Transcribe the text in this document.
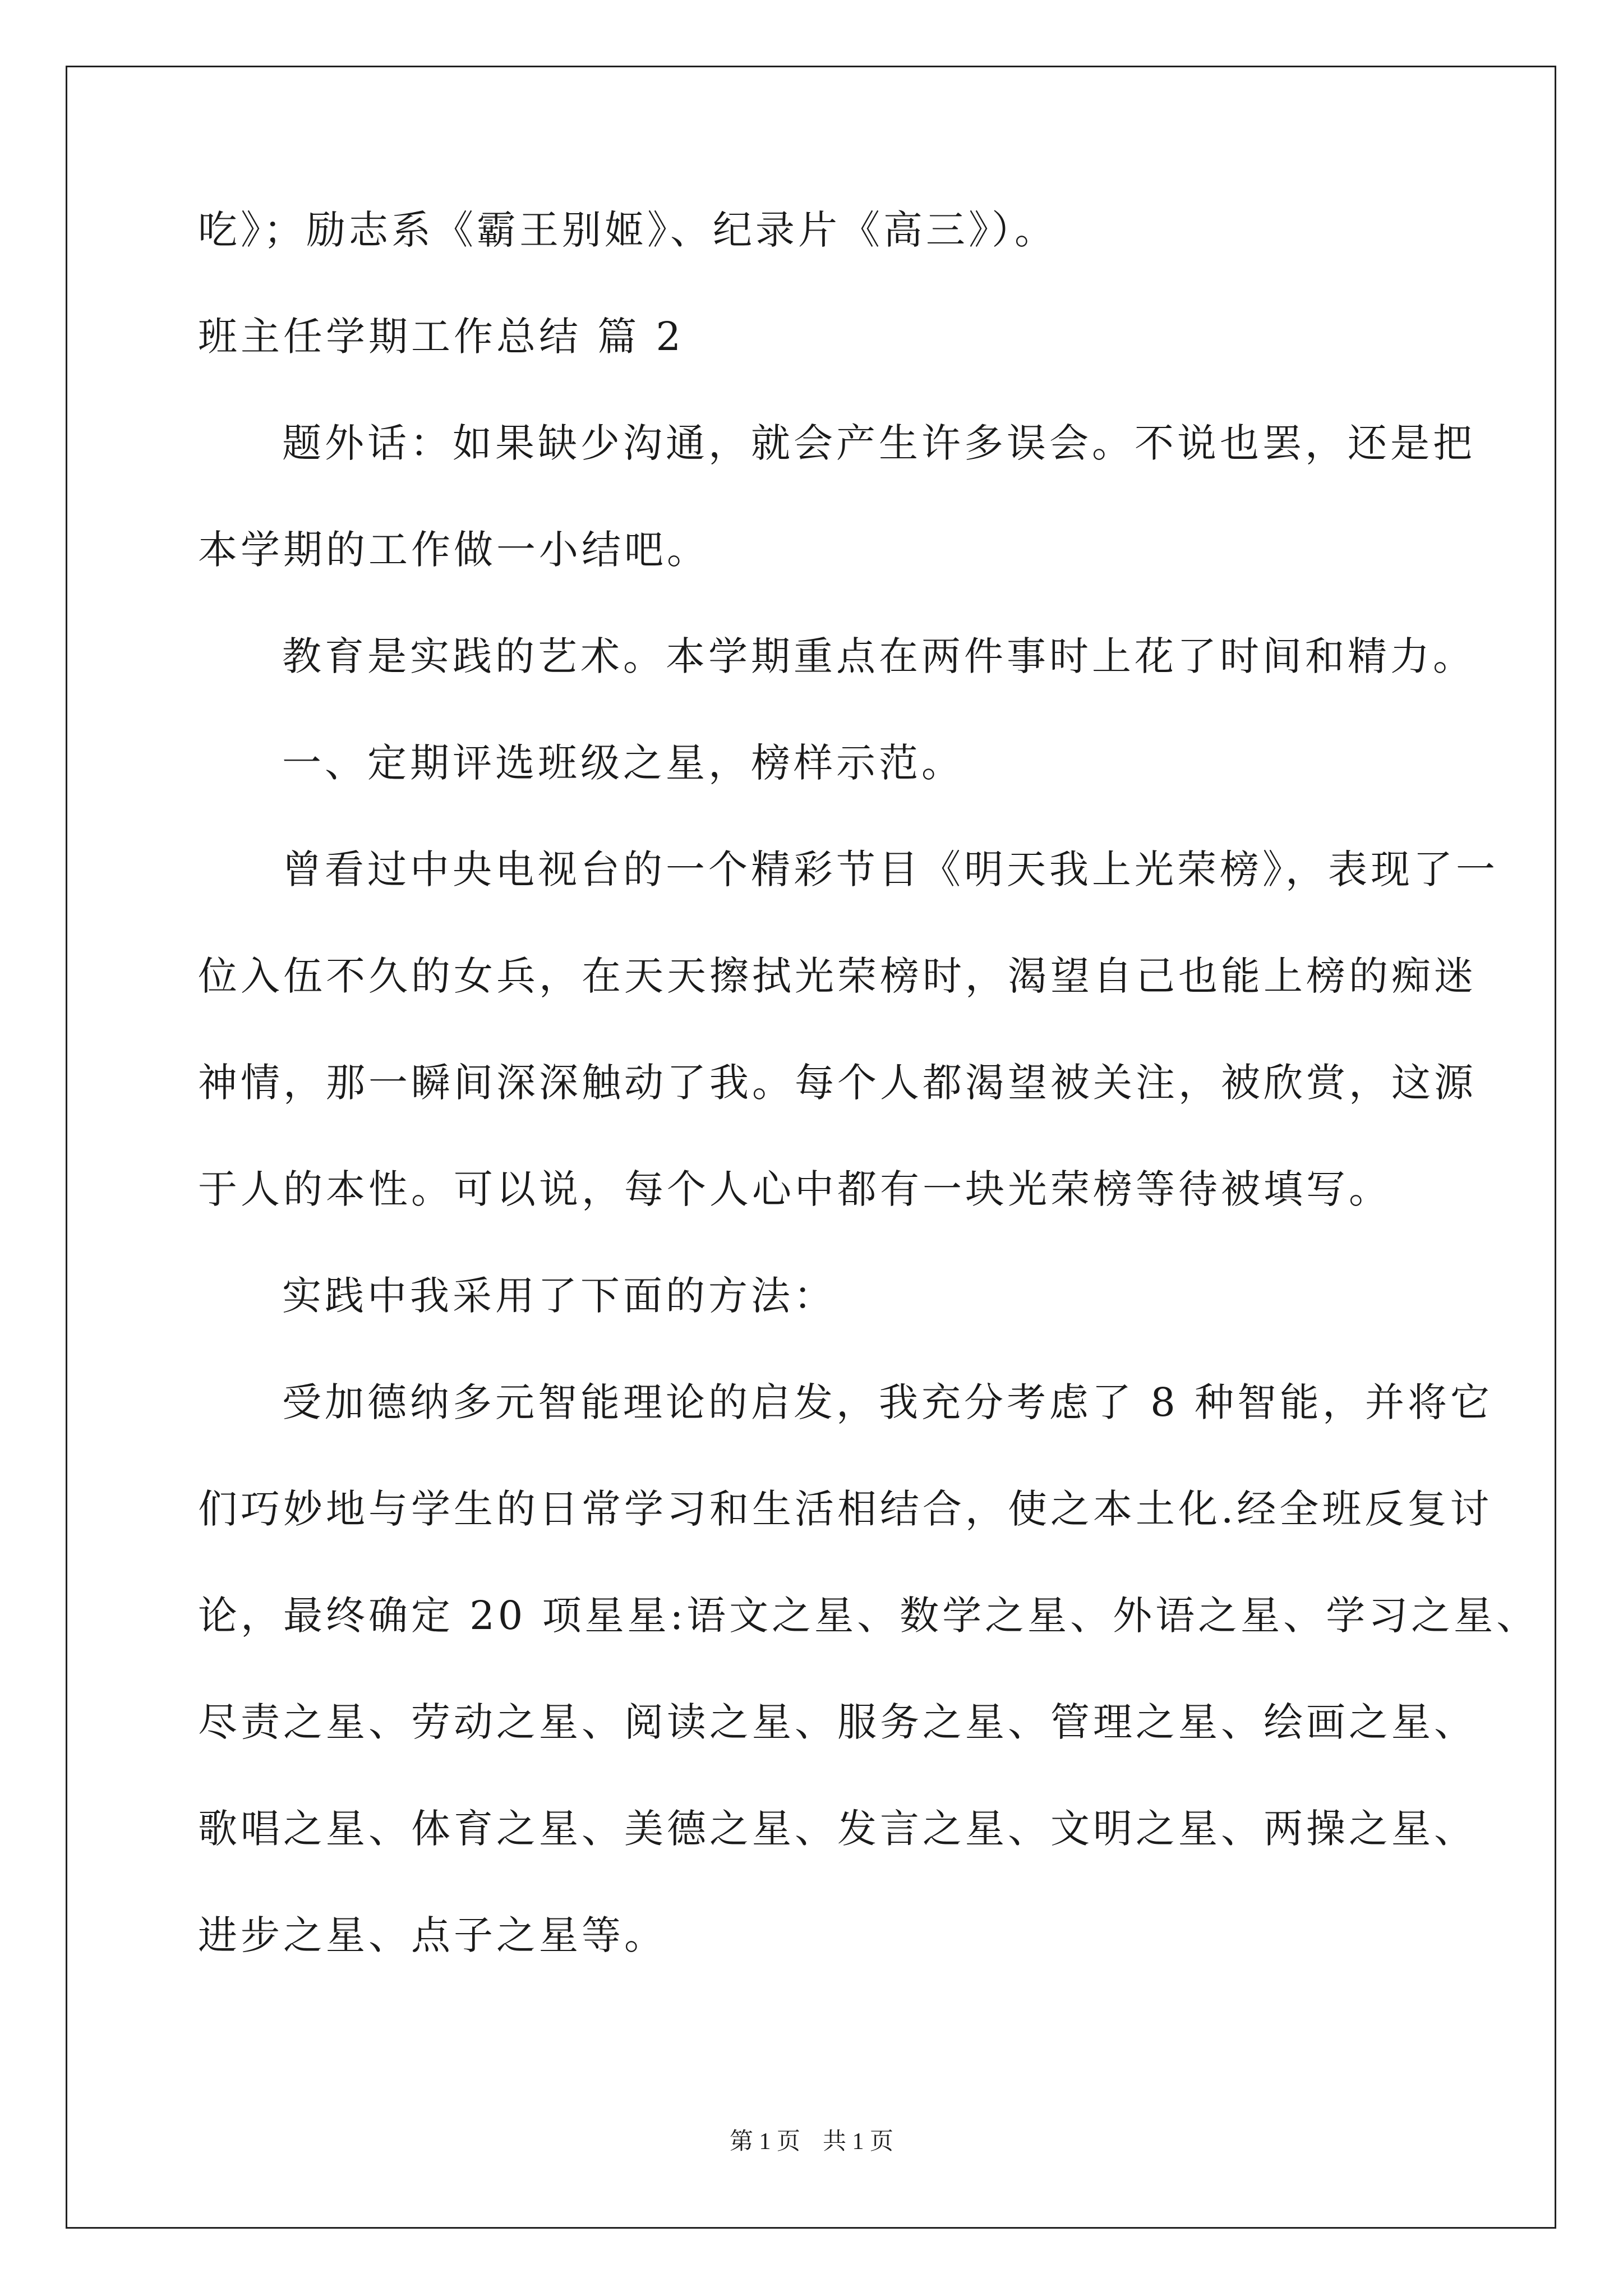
吃》；励志系《霸王别姬》、纪录片《高三》）。
班主任学期工作总结 篇 2
题外话：如果缺少沟通，就会产生许多误会。不说也罢，还是把
本学期的工作做一小结吧。
教育是实践的艺术。本学期重点在两件事时上花了时间和精力。
一、定期评选班级之星，榜样示范。
曾看过中央电视台的一个精彩节目《明天我上光荣榜》，表现了一
位入伍不久的女兵，在天天擦拭光荣榜时，渴望自己也能上榜的痴迷
神情，那一瞬间深深触动了我。每个人都渴望被关注，被欣赏，这源
于人的本性。可以说，每个人心中都有一块光荣榜等待被填写。
实践中我采用了下面的方法：
受加德纳多元智能理论的启发，我充分考虑了 8 种智能，并将它
们巧妙地与学生的日常学习和生活相结合，使之本土化.经全班反复讨
论，最终确定 20 项星星:语文之星、数学之星、外语之星、学习之星、
尽责之星、劳动之星、阅读之星、服务之星、管理之星、绘画之星、
歌唱之星、体育之星、美德之星、发言之星、文明之星、两操之星、
进步之星、点子之星等。
第 1 页 共 1 页
